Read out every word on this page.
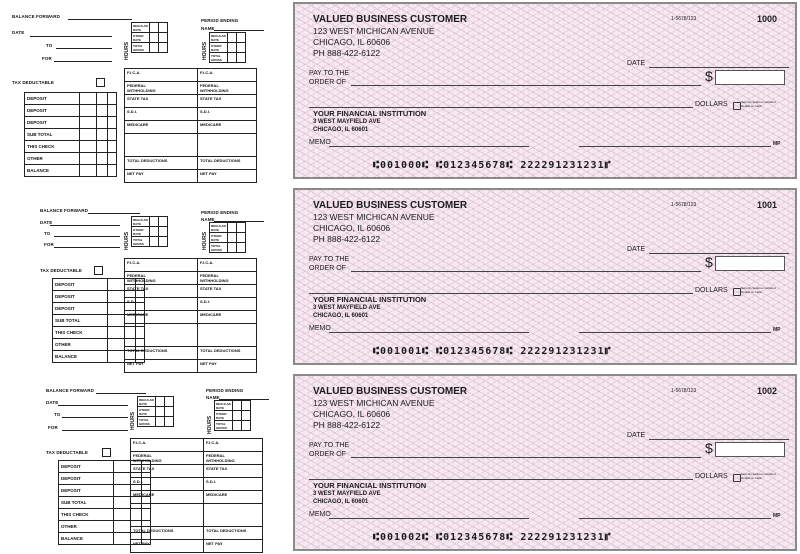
BALANCE FORWARD
DATE
TO
FOR	HOURS
REGULAR
RATE		
OTHER
RATE		
TOTAL
GROSS		
PERIOD ENDING
NAME
HOURS
REGULAR
RATE		
OTHER
RATE		
TOTAL
GROSS		
TAX DEDUCTABLE
DEPOSIT			
DEPOSIT			
DEPOSIT			
SUB TOTAL			
THIS CHECK			
OTHER			
BALANCE			
F.I.C.A.	F.I.C.A.
FEDERAL
WITHHOLDING	FEDERAL
WITHHOLDING
STATE TAX	STATE TAX
S.D.I.	S.D.I.
MEDICARE	MEDICARE

TOTAL DEDUCTIONS	TOTAL DEDUCTIONS
NET PAY	NET PAY
VALUED BUSINESS CUSTOMER
123 WEST MICHICAN AVENUE
CHICAGO, IL 60606
PH 888-422-6122
1-5678/123	1000
DATE
PAY TO THE
ORDER OF	$
DOLLARS	Security features included. Details on back.
YOUR FINANCIAL INSTITUTION
3 WEST MAYFIELD AVE
CHICAGO, IL 60601
MEMO	MP
⑆001000⑆ ⑆012345678⑆ 222291231231⑈
BALANCE FORWARD
DATE
TO
FOR	HOURS
REGULAR
RATE		
OTHER
RATE		
TOTAL
GROSS		
PERIOD ENDING
NAME
HOURS
REGULAR
RATE		
OTHER
RATE		
TOTAL
GROSS		
TAX DEDUCTABLE
DEPOSIT			
DEPOSIT			
DEPOSIT			
SUB TOTAL			
THIS CHECK			
OTHER			
BALANCE			
F.I.C.A.	F.I.C.A.
FEDERAL
WITHHOLDING	FEDERAL
WITHHOLDING
STATE TAX	STATE TAX
S.D.I.	S.D.I.
MEDICARE	MEDICARE

TOTAL DEDUCTIONS	TOTAL DEDUCTIONS
NET PAY	NET PAY
VALUED BUSINESS CUSTOMER
123 WEST MICHICAN AVENUE
CHICAGO, IL 60606
PH 888-422-6122
1-5678/123	1001
DATE
PAY TO THE
ORDER OF	$
DOLLARS	Security features included. Details on back.
YOUR FINANCIAL INSTITUTION
3 WEST MAYFIELD AVE
CHICAGO, IL 60601
MEMO	MP
⑆001001⑆ ⑆012345678⑆ 222291231231⑈
BALANCE FORWARD
DATE
TO
FOR	HOURS
REGULAR
RATE		
OTHER
RATE		
TOTAL
GROSS		
PERIOD ENDING
NAME
HOURS
REGULAR
RATE		
OTHER
RATE		
TOTAL
GROSS		
TAX DEDUCTABLE
DEPOSIT			
DEPOSIT			
DEPOSIT			
SUB TOTAL			
THIS CHECK			
OTHER			
BALANCE			
F.I.C.A.	F.I.C.A.
FEDERAL
WITHHOLDING	FEDERAL
WITHHOLDING
STATE TAX	STATE TAX
S.D.I.	S.D.I.
MEDICARE	MEDICARE

TOTAL DEDUCTIONS	TOTAL DEDUCTIONS
NET PAY	NET PAY
VALUED BUSINESS CUSTOMER
123 WEST MICHICAN AVENUE
CHICAGO, IL 60606
PH 888-422-6122
1-5678/123	1002
DATE
PAY TO THE
ORDER OF	$
DOLLARS	Security features included. Details on back.
YOUR FINANCIAL INSTITUTION
3 WEST MAYFIELD AVE
CHICAGO, IL 60601
MEMO	MP
⑆001002⑆ ⑆012345678⑆ 222291231231⑈
